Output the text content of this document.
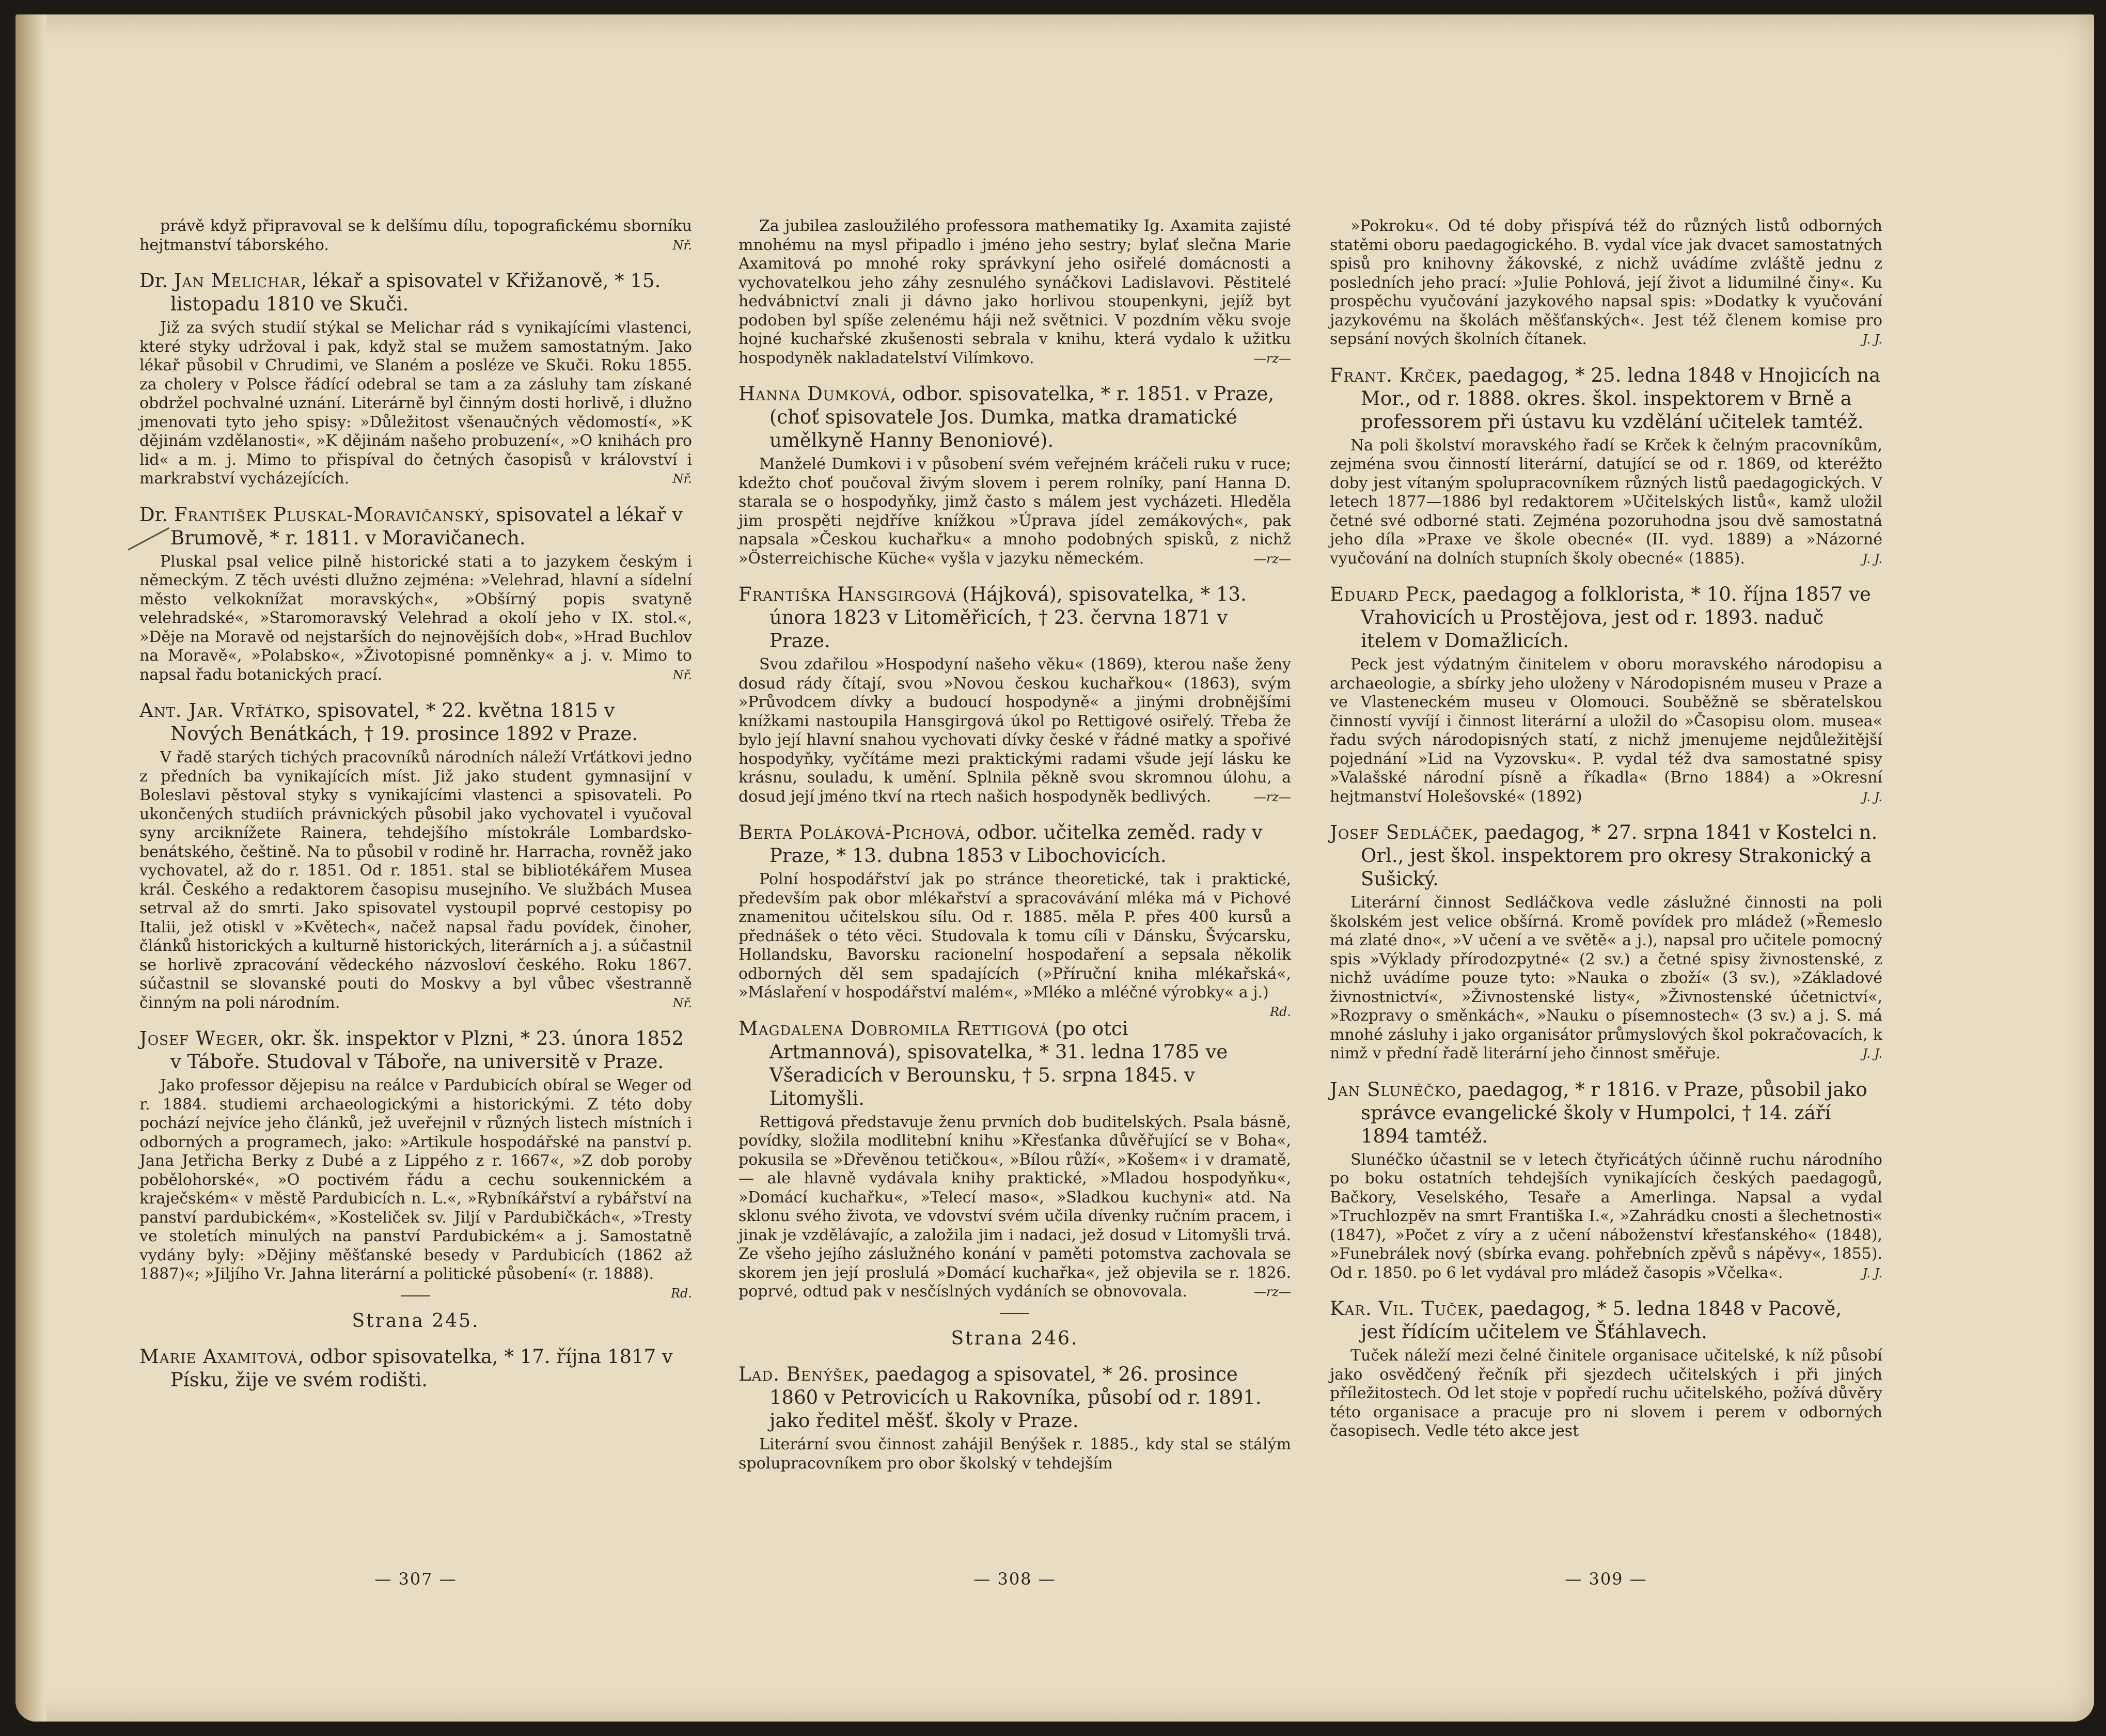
právě když připravoval se k delšímu dílu, topografickému sborníku hejtmanství táborského.	Nř.

Dr. Jan Melichar, lékař a spisovatel v Křižanově, * 15. listopadu 1810 ve Skuči.

Již za svých studií stýkal se Melichar rád s vynikajícími vlastenci, které styky udržoval i pak, když stal se mužem samostatným. Jako lékař působil v Chrudimi, ve Slaném a posléze ve Skuči. Roku 1855. za cholery v Polsce řádící odebral se tam a za zásluhy tam získané obdržel pochvalné uznání. Literárně byl činným dosti horlivě, i dlužno jmenovati tyto jeho spisy: »Důležitost všenaučných vědomostí«, »K dějinám vzdělanosti«, »K dějinám našeho probuzení«, »O knihách pro lid« a m. j. Mimo to přispíval do četných časopisů v království i markrabství vycházejících.	Nř.

Dr. František Pluskal-Moravičanský, spisovatel a lékař v Brumově, * r. 1811. v Moravičanech.

Pluskal psal velice pilně historické stati a to jazykem českým i německým. Z těch uvésti dlužno zejména: »Velehrad, hlavní a sídelní město velkoknížat moravských«, »Obšírný popis svatyně velehradské«, »Staromoravský Velehrad a okolí jeho v IX. stol.«, »Děje na Moravě od nejstarších do nejnovějších dob«, »Hrad Buchlov na Moravě«, »Polabsko«, »Životopisné pomněnky« a j. v. Mimo to napsal řadu botanických prací.	Nř.

Ant. Jar. Vrťátko, spisovatel, * 22. května 1815 v Nových Benátkách, † 19. prosince 1892 v Praze.

V řadě starých tichých pracovníků národních náleží Vrťátkovi jedno z předních ba vynikajících míst. Již jako student gymnasijní v Boleslavi pěstoval styky s vynikajícími vlastenci a spisovateli. Po ukončených studiích právnických působil jako vychovatel i vyučoval syny arciknížete Rainera, tehdejšího místokrále Lombardsko-benátského, češtině. Na to působil v rodině hr. Harracha, rovněž jako vychovatel, až do r. 1851. Od r. 1851. stal se bibliotékářem Musea král. Českého a redaktorem časopisu musejního. Ve službách Musea setrval až do smrti. Jako spisovatel vystoupil poprvé cestopisy po Italii, jež otiskl v »Květech«, načež napsal řadu povídek, činoher, článků historických a kulturně historických, literárních a j. a súčastnil se horlivě zpracování vědeckého názvosloví českého. Roku 1867. súčastnil se slovanské pouti do Moskvy a byl vůbec všestranně činným na poli národním.	Nř.

Josef Weger, okr. šk. inspektor v Plzni, * 23. února 1852 v Táboře. Studoval v Táboře, na universitě v Praze.

Jako professor dějepisu na reálce v Pardubicích obíral se Weger od r. 1884. studiemi archaeologickými a historickými. Z této doby pochází nejvíce jeho článků, jež uveřejnil v různých listech místních i odborných a programech, jako: »Artikule hospodářské na panství p. Jana Jetřicha Berky z Dubé a z Lippého z r. 1667«, »Z dob poroby pobělohorské«, »O poctivém řádu a cechu soukennickém a kraječském« v městě Pardubicích n. L.«, »Rybníkářství a rybářství na panství pardubickém«, »Kosteliček sv. Jiljí v Pardubičkách«, »Tresty ve stoletích minulých na panství Pardubickém« a j. Samostatně vydány byly: »Dějiny měšťanské besedy v Pardubicích (1862 až 1887)«; »Jiljího Vr. Jahna literární a politické působení« (r. 1888).
Rd.

Strana 245.
Marie Axamitová, odbor spisovatelka, * 17. října 1817 v Písku, žije ve svém rodišti.

Za jubilea zasloužilého professora mathematiky Ig. Axamita zajisté mnohému na mysl připadlo i jméno jeho sestry; bylať slečna Marie Axamitová po mnohé roky správkyní jeho osiřelé domácnosti a vychovatelkou jeho záhy zesnulého synáčkovi Ladislavovi. Pěstitelé hedvábnictví znali ji dávno jako horlivou stoupenkyni, jejíž byt podoben byl spíše zelenému háji než světnici. V pozdním věku svoje hojné kuchařské zkušenosti sebrala v knihu, která vydalo k užitku hospodyněk nakladatelství Vilímkovo.	—rz—

Hanna Dumková, odbor. spisovatelka, * r. 1851. v Praze, (choť spisovatele Jos. Dumka, matka dramatické umělkyně Hanny Benoniové).

Manželé Dumkovi i v působení svém veřejném kráčeli ruku v ruce; kdežto choť poučoval živým slovem i perem rolníky, paní Hanna D. starala se o hospodyňky, jimž často s málem jest vycházeti. Hleděla jim prospěti nejdříve knížkou »Úprava jídel zemákových«, pak napsala »Českou kuchařku« a mnoho podobných spisků, z nichž »Österreichische Küche« vyšla v jazyku německém.	—rz—

Františka Hansgirgová (Hájková), spisovatelka, * 13. února 1823 v Litoměřicích, † 23. června 1871 v Praze.

Svou zdařilou »Hospodyní našeho věku« (1869), kterou naše ženy dosud rády čítají, svou »Novou českou kuchařkou« (1863), svým »Průvodcem dívky a budoucí hospodyně« a jinými drobnějšími knížkami nastoupila Hansgirgová úkol po Rettigové osiřelý. Třeba že bylo její hlavní snahou vychovati dívky české v řádné matky a spořivé hospodyňky, vyčítáme mezi praktickými radami všude její lásku ke krásnu, souladu, k umění. Splnila pěkně svou skromnou úlohu, a dosud její jméno tkví na rtech našich hospodyněk bedlivých.	—rz—

Berta Poláková-Pichová, odbor. učitelka zeměd. rady v Praze, * 13. dubna 1853 v Libochovicích.

Polní hospodářství jak po stránce theoretické, tak i praktické, především pak obor mlékařství a spracovávání mléka má v Pichové znamenitou učitelskou sílu. Od r. 1885. měla P. přes 400 kursů a přednášek o této věci. Studovala k tomu cíli v Dánsku, Švýcarsku, Hollandsku, Bavorsku racionelní hospodaření a sepsala několik odborných děl sem spadajících (»Příruční kniha mlékařská«, »Máslaření v hospodářství malém«, »Mléko a mléčné výrobky« a j.)
Rd.

Magdalena Dobromila Rettigová (po otci Artmannová), spisovatelka, * 31. ledna 1785 ve Všeradicích v Berounsku, † 5. srpna 1845. v Litomyšli.

Rettigová představuje ženu prvních dob buditelských. Psala básně, povídky, složila modlitební knihu »Křesťanka důvěřující se v Boha«, pokusila se »Dřevěnou tetičkou«, »Bílou růží«, »Košem« i v dramatě, — ale hlavně vydávala knihy praktické, »Mladou hospodyňku«, »Domácí kuchařku«, »Telecí maso«, »Sladkou kuchyni« atd. Na sklonu svého života, ve vdovství svém učila dívenky ručním pracem, i jinak je vzdělávajíc, a založila jim i nadaci, jež dosud v Litomyšli trvá. Ze všeho jejího záslužného konání v paměti potomstva zachovala se skorem jen její proslulá »Domácí kuchařka«, jež objevila se r. 1826. poprvé, odtud pak v nesčíslných vydáních se obnovovala.	—rz—

Strana 246.
Lad. Benýšek, paedagog a spisovatel, * 26. prosince 1860 v Petrovicích u Rakovníka, působí od r. 1891. jako ředitel měšť. školy v Praze.

Literární svou činnost zahájil Benýšek r. 1885., kdy stal se stálým spolupracovníkem pro obor školský v tehdejším

»Pokroku«. Od té doby přispívá též do různých listů odborných statěmi oboru paedagogického. B. vydal více jak dvacet samostatných spisů pro knihovny žákovské, z nichž uvádíme zvláště jednu z posledních jeho prací: »Julie Pohlová, její život a lidumilné činy«. Ku prospěchu vyučování jazykového napsal spis: »Dodatky k vyučování jazykovému na školách měšťanských«. Jest též členem komise pro sepsání nových školních čítanek.	J. J.

Frant. Krček, paedagog, * 25. ledna 1848 v Hnojicích na Mor., od r. 1888. okres. škol. inspektorem v Brně a professorem při ústavu ku vzdělání učitelek tamtéž.

Na poli školství moravského řadí se Krček k čelným pracovníkům, zejména svou činností literární, datující se od r. 1869, od kteréžto doby jest vítaným spolupracovníkem různých listů paedagogických. V letech 1877—1886 byl redaktorem »Učitelských listů«, kamž uložil četné své odborné stati. Zejména pozoruhodna jsou dvě samostatná jeho díla »Praxe ve škole obecné« (II. vyd. 1889) a »Názorné vyučování na dolních stupních školy obecné« (1885).	J. J.

Eduard Peck, paedagog a folklorista, * 10. října 1857 ve Vrahovicích u Prostějova, jest od r. 1893. naduč itelem v Domažlicích.

Peck jest výdatným činitelem v oboru moravského národopisu a archaeologie, a sbírky jeho uloženy v Národopisném museu v Praze a ve Vlasteneckém museu v Olomouci. Souběžně se sběratelskou činností vyvíjí i činnost literární a uložil do »Časopisu olom. musea« řadu svých národopisných statí, z nichž jmenujeme nejdůležitější pojednání »Lid na Vyzovsku«. P. vydal též dva samostatné spisy »Valašské národní písně a říkadla« (Brno 1884) a »Okresní hejtmanství Holešovské« (1892)	J. J.

Josef Sedláček, paedagog, * 27. srpna 1841 v Kostelci n. Orl., jest škol. inspektorem pro okresy Strakonický a Sušický.

Literární činnost Sedláčkova vedle záslužné činnosti na poli školském jest velice obšírná. Kromě povídek pro mládež (»Řemeslo má zlaté dno«, »V učení a ve světě« a j.), napsal pro učitele pomocný spis »Výklady přírodozpytné« (2 sv.) a četné spisy živnostenské, z nichž uvádíme pouze tyto: »Nauka o zboží« (3 sv.), »Základové živnostnictví«, »Živnostenské listy«, »Živnostenské účetnictví«, »Rozpravy o směnkách«, »Nauku o písemnostech« (3 sv.) a j. S. má mnohé zásluhy i jako organisátor průmyslových škol pokračovacích, k nimž v přední řadě literární jeho činnost směřuje.	J. J.

Jan Slunéčko, paedagog, * r 1816. v Praze, působil jako správce evangelické školy v Humpolci, † 14. září 1894 tamtéž.

Slunéčko účastnil se v letech čtyřicátých účinně ruchu národního po boku ostatních tehdejších vynikajících českých paedagogů, Bačkory, Veselského, Tesaře a Amerlinga. Napsal a vydal »Truchlozpěv na smrt Františka I.«, »Zahrádku cnosti a šlechetnosti« (1847), »Počet z víry a z učení náboženství křesťanského« (1848), »Funebrálek nový (sbírka evang. pohřebních zpěvů s nápěvy«, 1855). Od r. 1850. po 6 let vydával pro mládež časopis »Včelka«.	J. J.

Kar. Vil. Tuček, paedagog, * 5. ledna 1848 v Pacově, jest řídícím učitelem ve Šťáhlavech.

Tuček náleží mezi čelné činitele organisace učitelské, k níž působí jako osvědčený řečník při sjezdech učitelských i při jiných příležitostech. Od let stoje v popředí ruchu učitelského, požívá důvěry této organisace a pracuje pro ni slovem i perem v odborných časopisech. Vedle této akce jest

— 307 —	— 308 —	— 309 —
